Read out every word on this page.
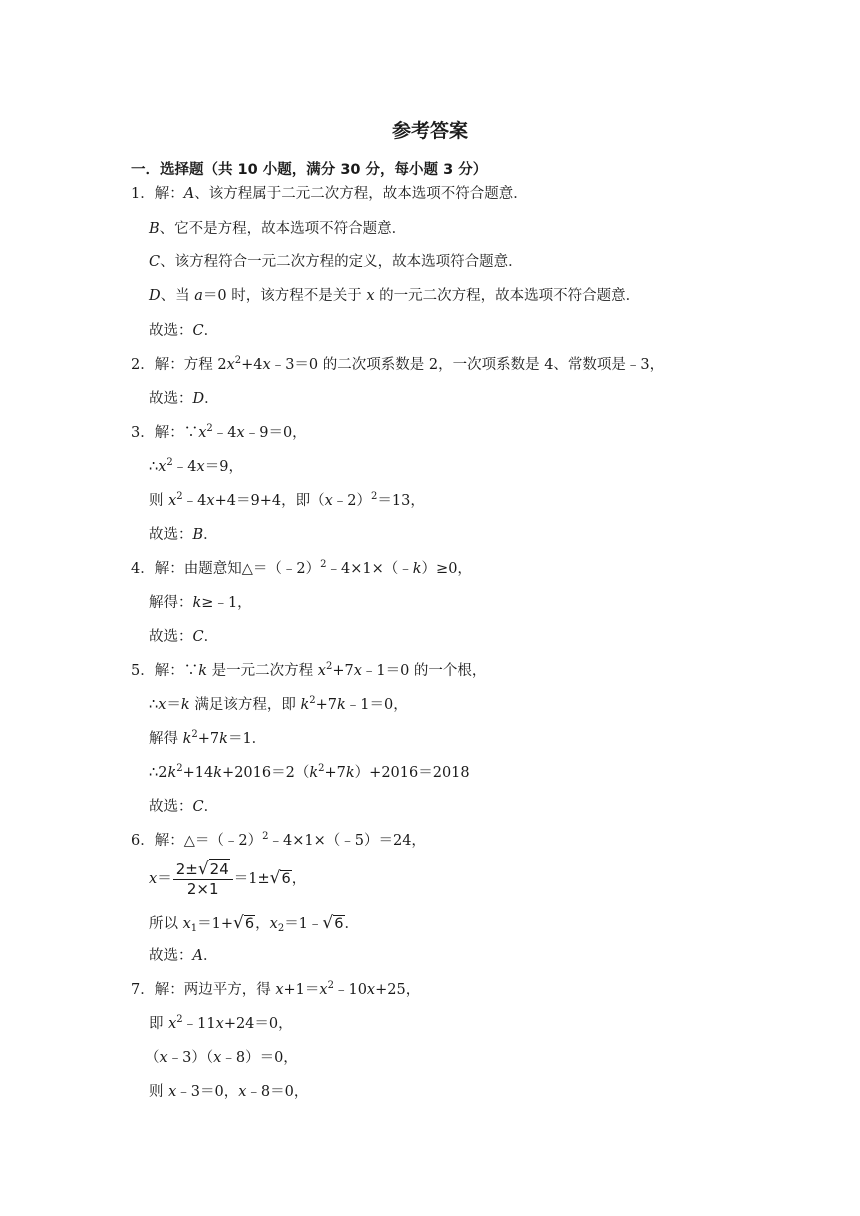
参考答案
一．选择题（共 10 小题，满分 30 分，每小题 3 分）
1．解：A、该方程属于二元二次方程，故本选项不符合题意．
B、它不是方程，故本选项不符合题意．
C、该方程符合一元二次方程的定义，故本选项符合题意．
D、当 a＝0 时，该方程不是关于 x 的一元二次方程，故本选项不符合题意．
故选：C．
2．解：方程 $2x^2+4x﹣3=0$ 的二次项系数是 2，一次项系数是 4、常数项是﹣3，
故选：D．
3．解：$\because x^2﹣4x﹣9=0$，
$\therefore x^2﹣4x=9$，
则 $x^2﹣4x+4=9+4$，即（x﹣2）$^2$＝13，
故选：B．
4．解：由题意知△＝（﹣2）$^2$﹣4×1×（﹣k）≥0，
解得：k≥﹣1，
故选：C．
5．解：∵k 是一元二次方程 $x^2+7x﹣1=0$ 的一个根，
∴x＝k 满足该方程，即 $k^2+7k﹣1=0$，
解得 $k^2+7k=1$．
$\therefore 2k^2+14k+2016=2(k^2+7k)+2016=2018$
故选：C．
6．解：△＝（﹣2）$^2$﹣4×1×（﹣5）＝24，
$x= \frac{2\pm√24}{2\times 1} =1\pm√6$，
所以 $x_1=1+√6$，$x_2=1﹣√6$．
故选：A．
7．解：两边平方，得 $x+1=x^2﹣10x+25$，
即 $x^2﹣11x+24=0$，
（x﹣3）（x﹣8）＝0，
则 x﹣3＝0，x﹣8＝0，
